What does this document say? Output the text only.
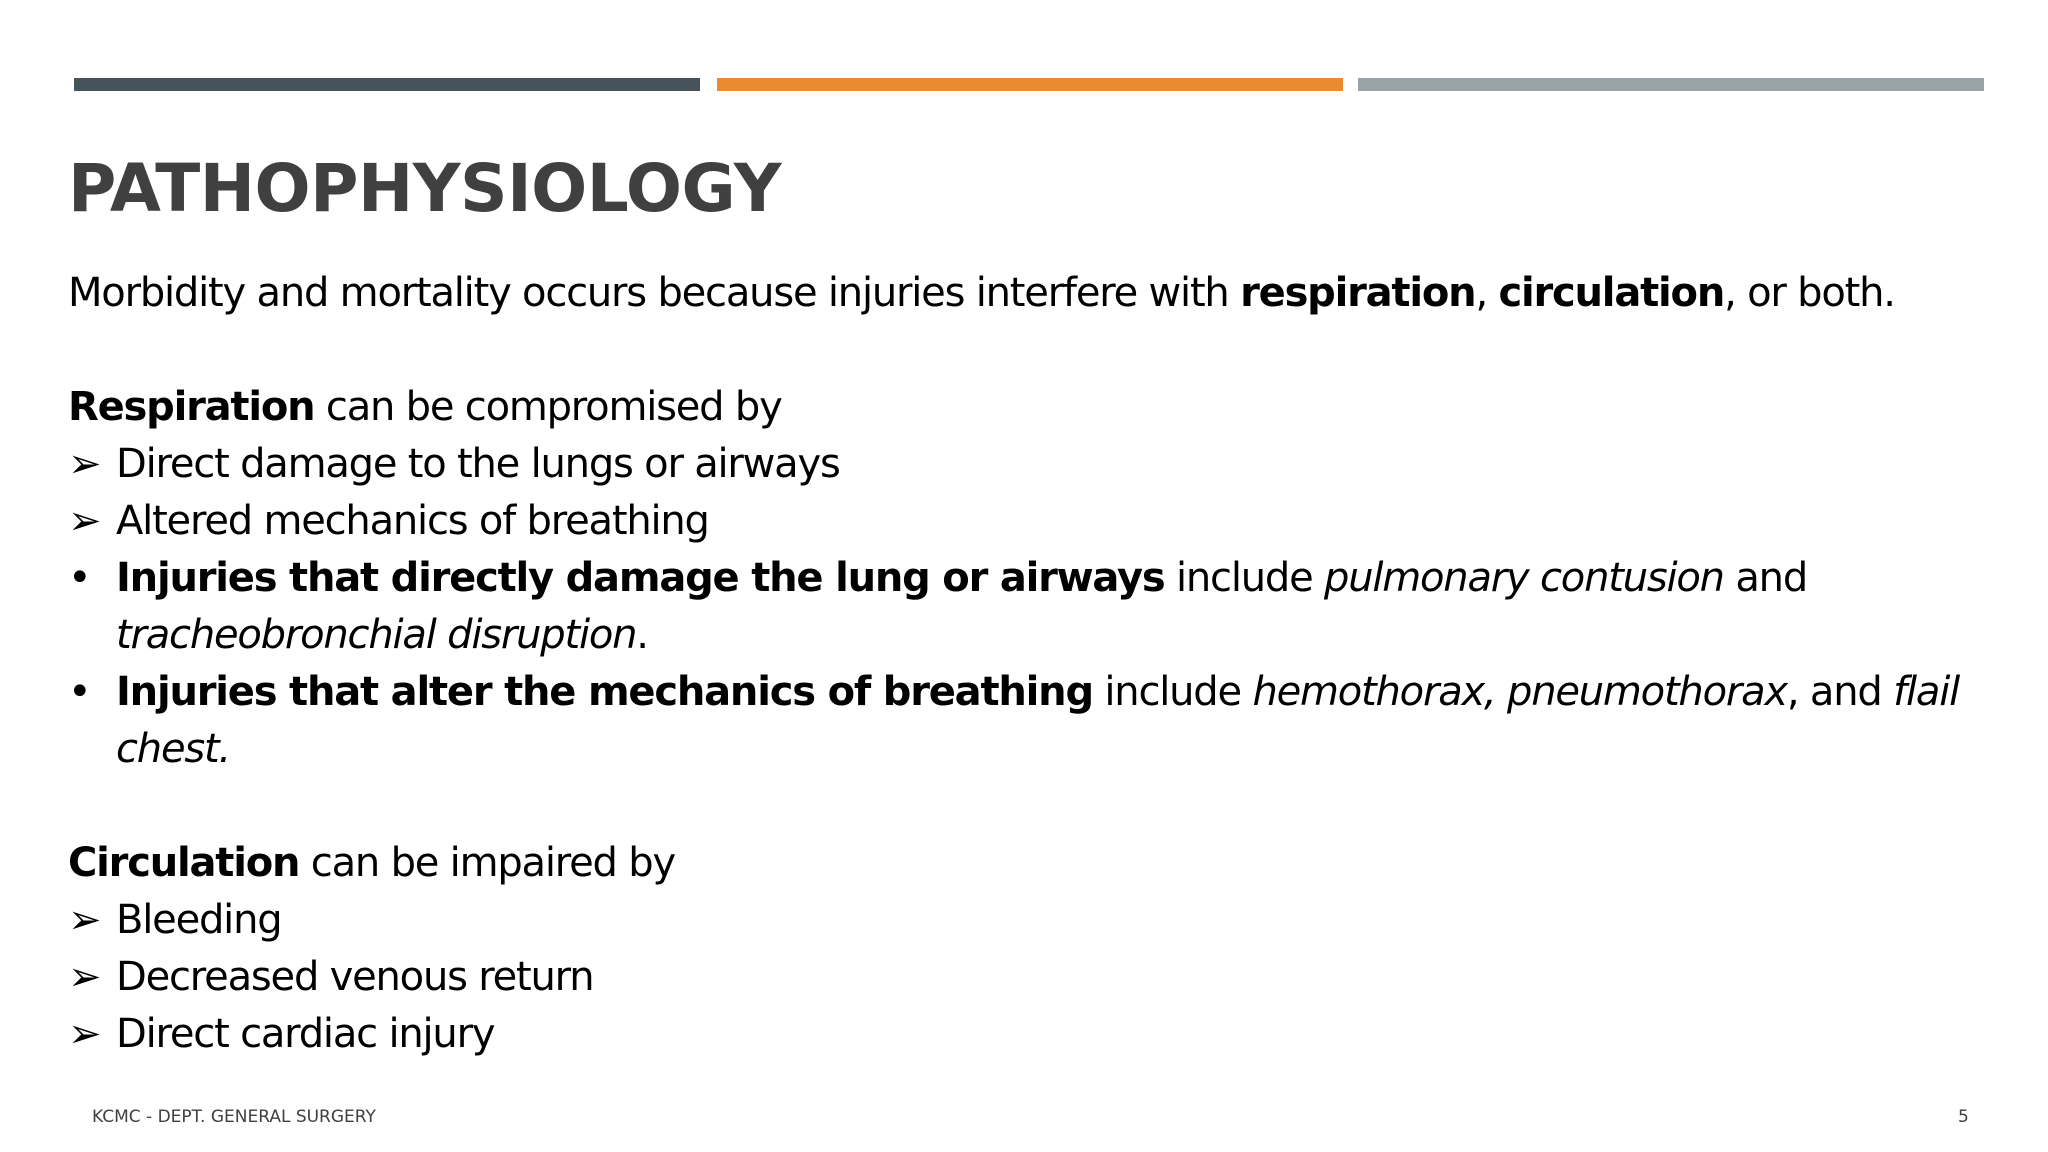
PATHOPHYSIOLOGY
Morbidity and mortality occurs because injuries interfere with respiration, circulation, or both.
Respiration can be compromised by
➢ Direct damage to the lungs or airways
➢ Altered mechanics of breathing
• Injuries that directly damage the lung or airways include pulmonary contusion and
tracheobronchial disruption.
• Injuries that alter the mechanics of breathing include hemothorax, pneumothorax, and flail
chest.
Circulation can be impaired by
➢ Bleeding
➢ Decreased venous return
➢ Direct cardiac injury
KCMC - DEPT. GENERAL SURGERY	5
